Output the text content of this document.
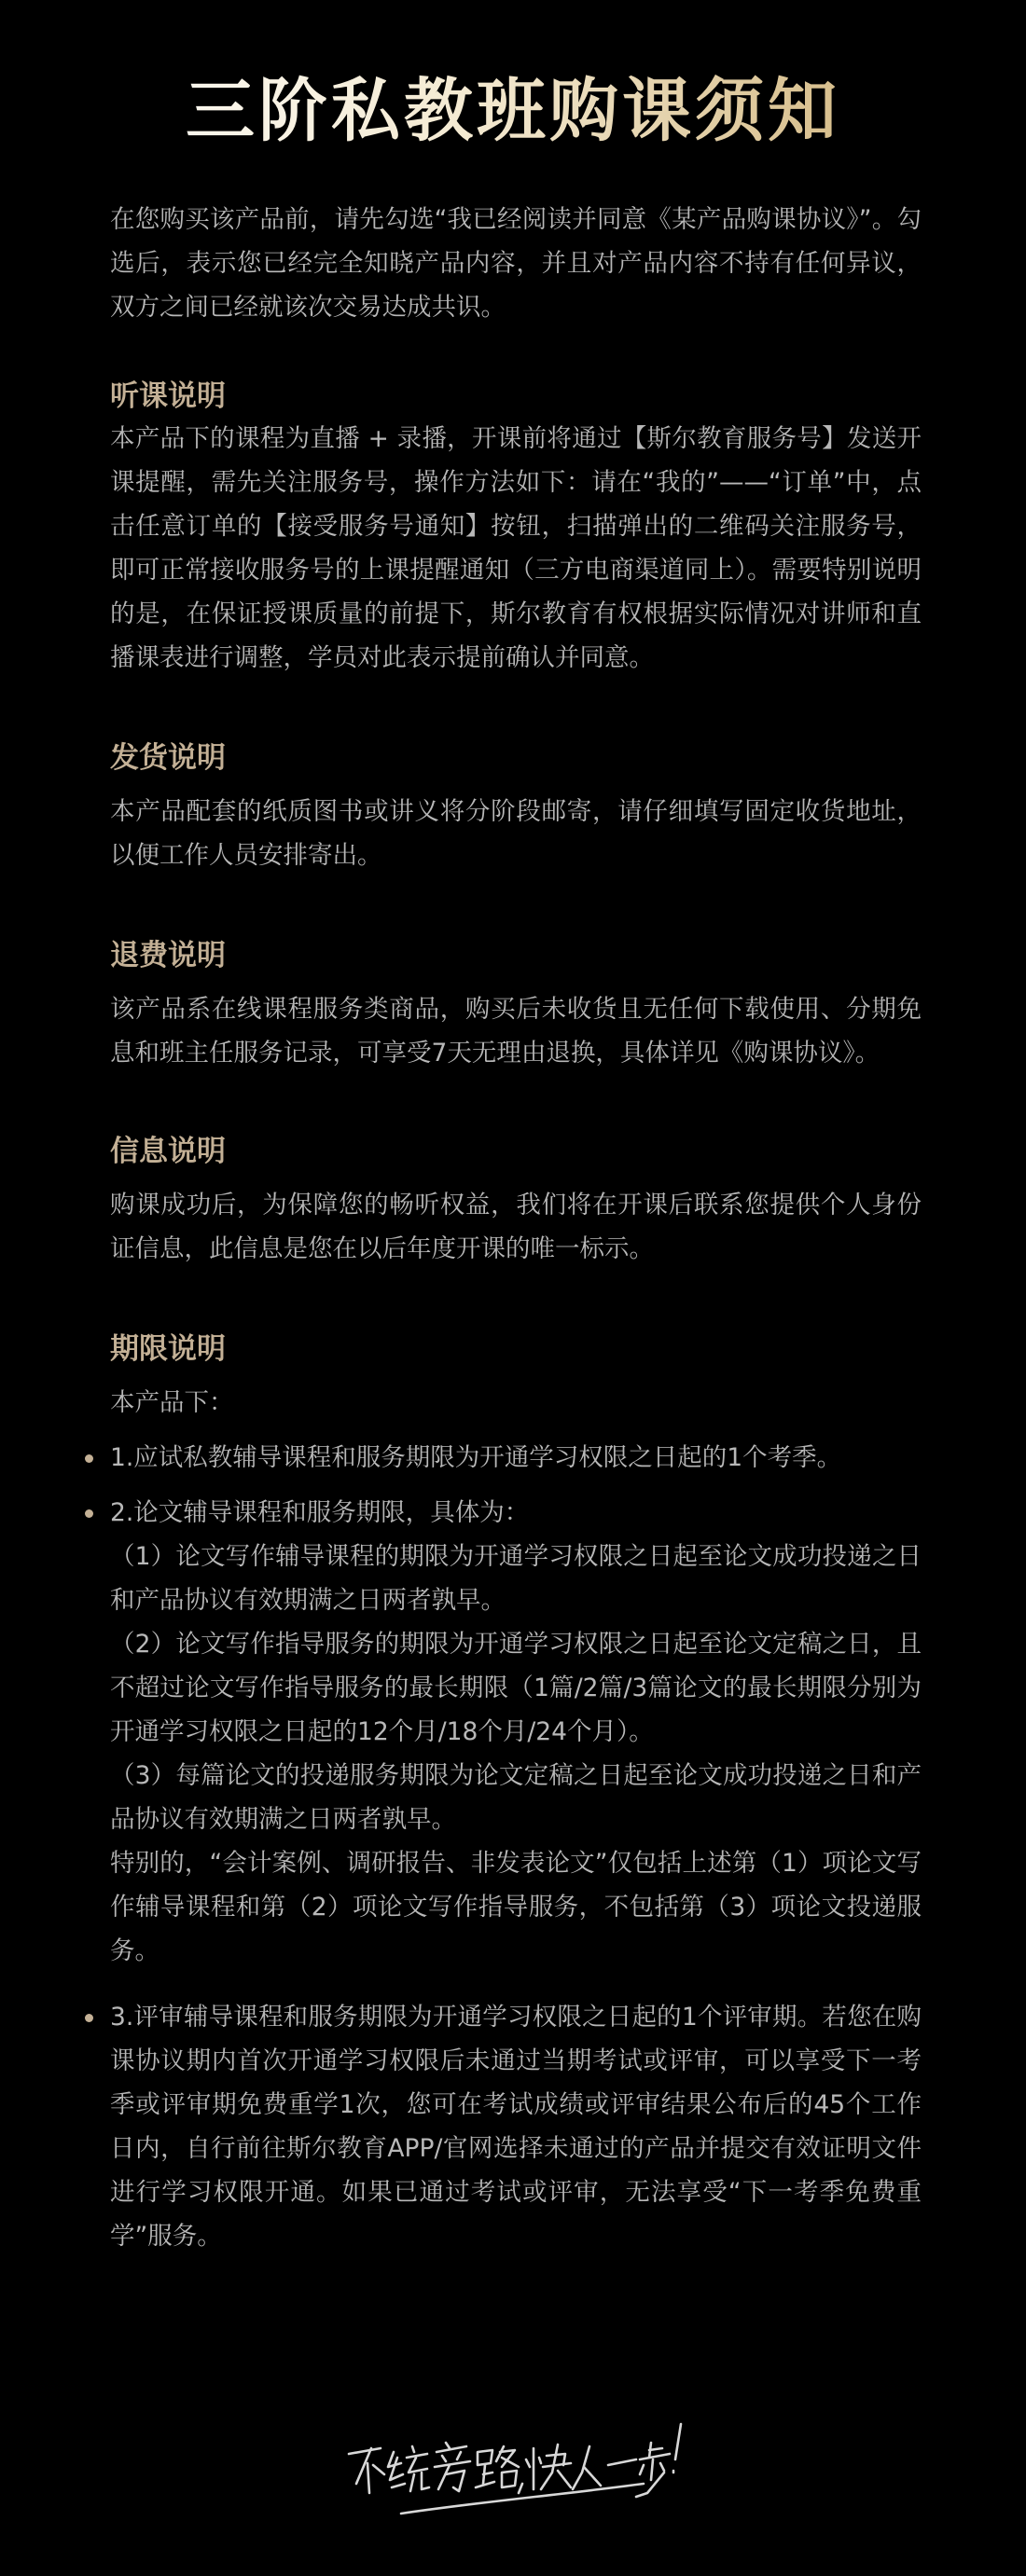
三阶私教班购课须知

在您购买该产品前，请先勾选“我已经阅读并同意《某产品购课协议》”。勾选后，表示您已经完全知晓产品内容，并且对产品内容不持有任何异议，双方之间已经就该次交易达成共识。

听课说明

本产品下的课程为直播 + 录播，开课前将通过【斯尔教育服务号】发送开课提醒，需先关注服务号，操作方法如下：请在“我的”——“订单”中，点击任意订单的【接受服务号通知】按钮，扫描弹出的二维码关注服务号，即可正常接收服务号的上课提醒通知（三方电商渠道同上）。需要特别说明的是，在保证授课质量的前提下，斯尔教育有权根据实际情况对讲师和直播课表进行调整，学员对此表示提前确认并同意。

发货说明

本产品配套的纸质图书或讲义将分阶段邮寄，请仔细填写固定收货地址，以便工作人员安排寄出。

退费说明

该产品系在线课程服务类商品，购买后未收货且无任何下载使用、分期免息和班主任服务记录，可享受7天无理由退换，具体详见《购课协议》。

信息说明

购课成功后，为保障您的畅听权益，我们将在开课后联系您提供个人身份证信息，此信息是您在以后年度开课的唯一标示。

期限说明

本产品下：

1.应试私教辅导课程和服务期限为开通学习权限之日起的1个考季。
2.论文辅导课程和服务期限，具体为：
（1）论文写作辅导课程的期限为开通学习权限之日起至论文成功投递之日和产品协议有效期满之日两者孰早。
（2）论文写作指导服务的期限为开通学习权限之日起至论文定稿之日，且不超过论文写作指导服务的最长期限（1篇/2篇/3篇论文的最长期限分别为开通学习权限之日起的12个月/18个月/24个月）。
（3）每篇论文的投递服务期限为论文定稿之日起至论文成功投递之日和产品协议有效期满之日两者孰早。
特别的，“会计案例、调研报告、非发表论文”仅包括上述第（1）项论文写作辅导课程和第（2）项论文写作指导服务，不包括第（3）项论文投递服务。
3.评审辅导课程和服务期限为开通学习权限之日起的1个评审期。若您在购课协议期内首次开通学习权限后未通过当期考试或评审，可以享受下一考季或评审期免费重学1次，您可在考试成绩或评审结果公布后的45个工作日内，自行前往斯尔教育APP/官网选择未通过的产品并提交有效证明文件进行学习权限开通。如果已通过考试或评审，无法享受“下一考季免费重学”服务。
